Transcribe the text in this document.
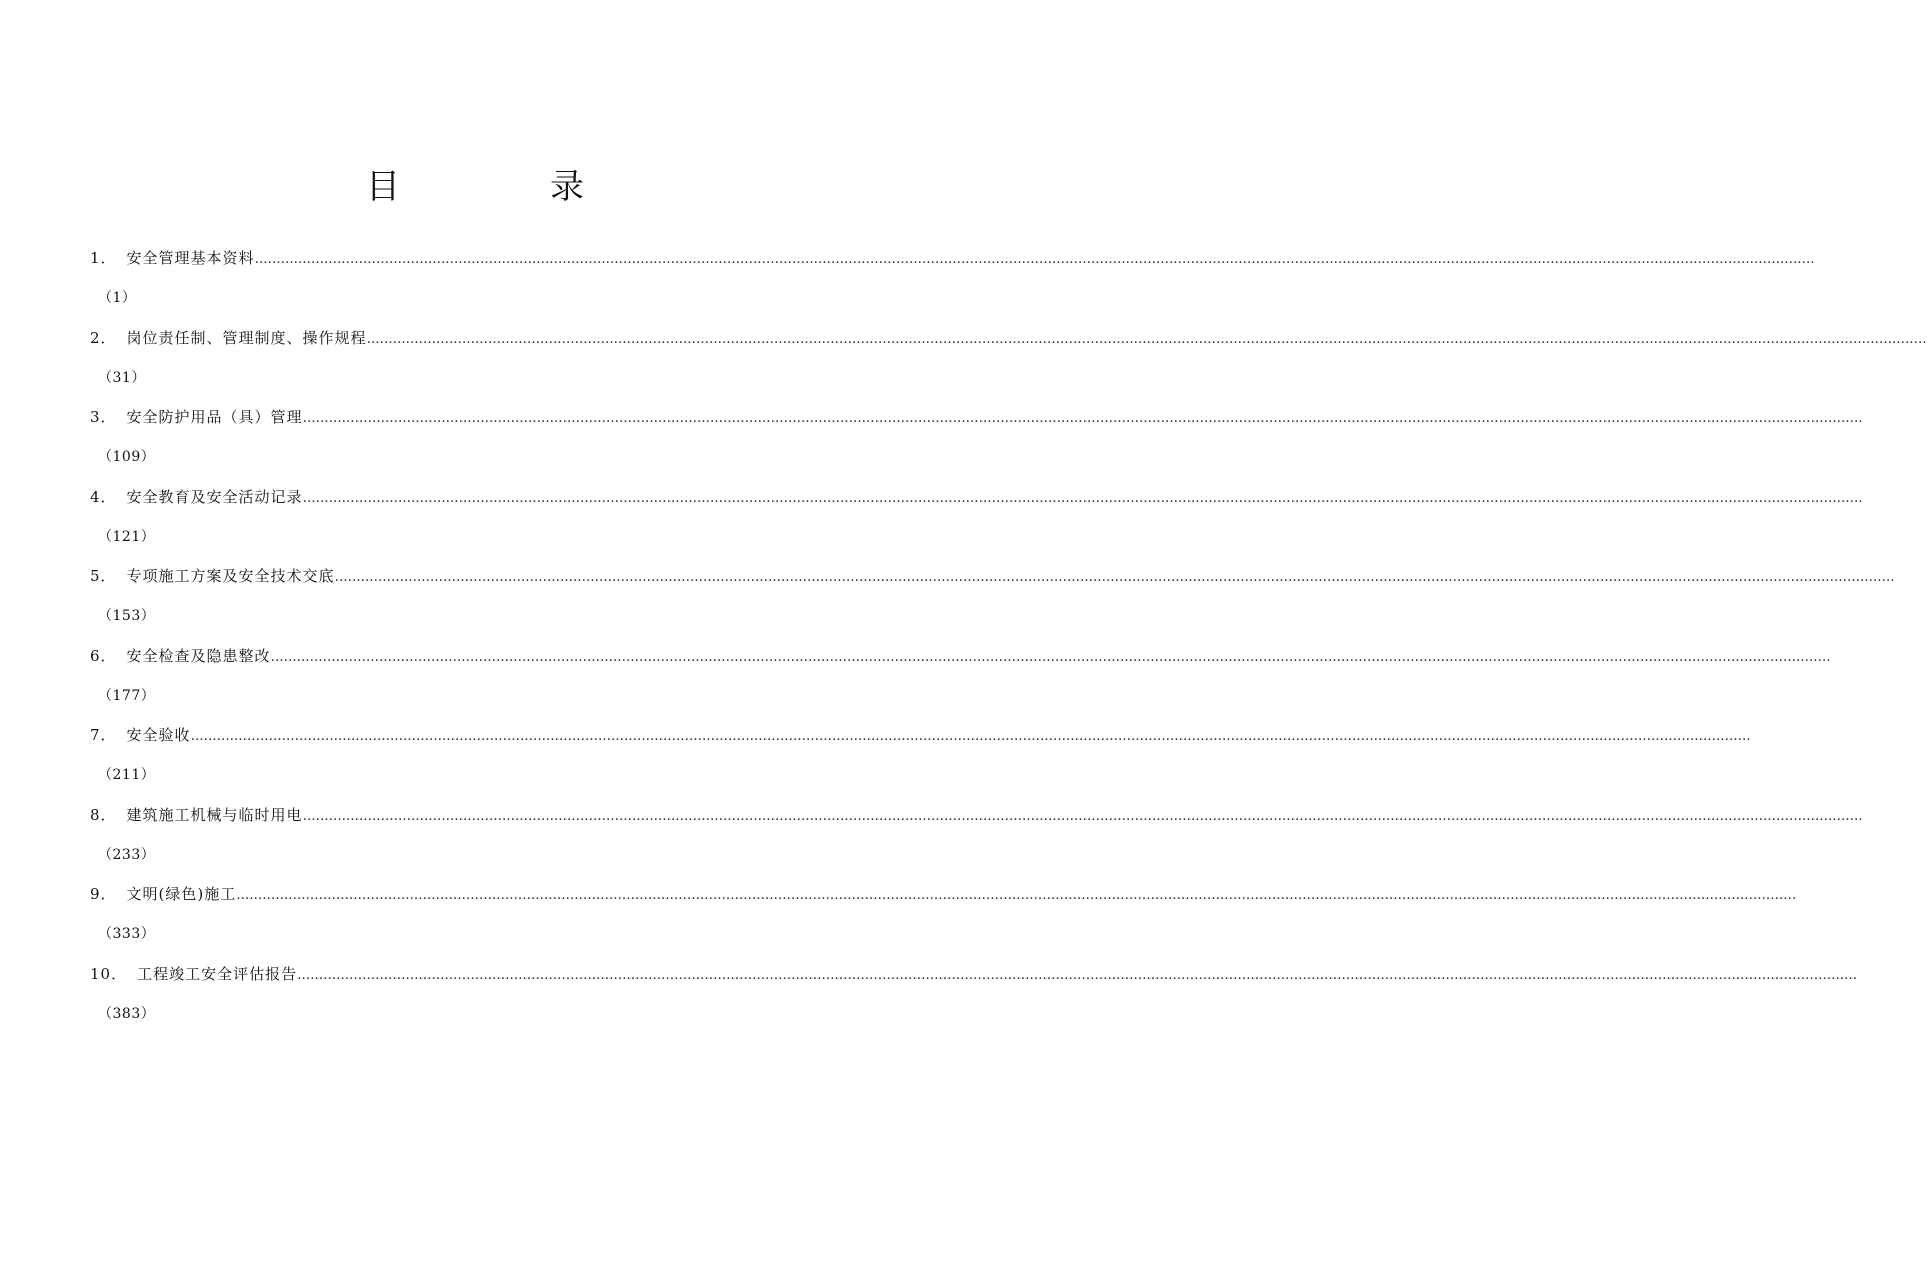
目　录
1． 安全管理基本资料 ………………………………………………………………………………………………………………………………………………………………………………………………………………………………………………………………………………………………………………………………
（1）
2． 岗位责任制、管理制度、操作规程 ………………………………………………………………………………………………………………………………………………………………………………………………………………………………………………………………………………………………………………………………
（31）
3． 安全防护用品（具）管理 ………………………………………………………………………………………………………………………………………………………………………………………………………………………………………………………………………………………………………………………………
（109）
4． 安全教育及安全活动记录 ………………………………………………………………………………………………………………………………………………………………………………………………………………………………………………………………………………………………………………………………
（121）
5． 专项施工方案及安全技术交底 ………………………………………………………………………………………………………………………………………………………………………………………………………………………………………………………………………………………………………………………………
（153）
6． 安全检查及隐患整改 ………………………………………………………………………………………………………………………………………………………………………………………………………………………………………………………………………………………………………………………………
（177）
7． 安全验收 ………………………………………………………………………………………………………………………………………………………………………………………………………………………………………………………………………………………………………………………………
（211）
8． 建筑施工机械与临时用电 ………………………………………………………………………………………………………………………………………………………………………………………………………………………………………………………………………………………………………………………………
（233）
9． 文明(绿色)施工 ………………………………………………………………………………………………………………………………………………………………………………………………………………………………………………………………………………………………………………………………
（333）
10． 工程竣工安全评估报告 ………………………………………………………………………………………………………………………………………………………………………………………………………………………………………………………………………………………………………………………………
（383）
